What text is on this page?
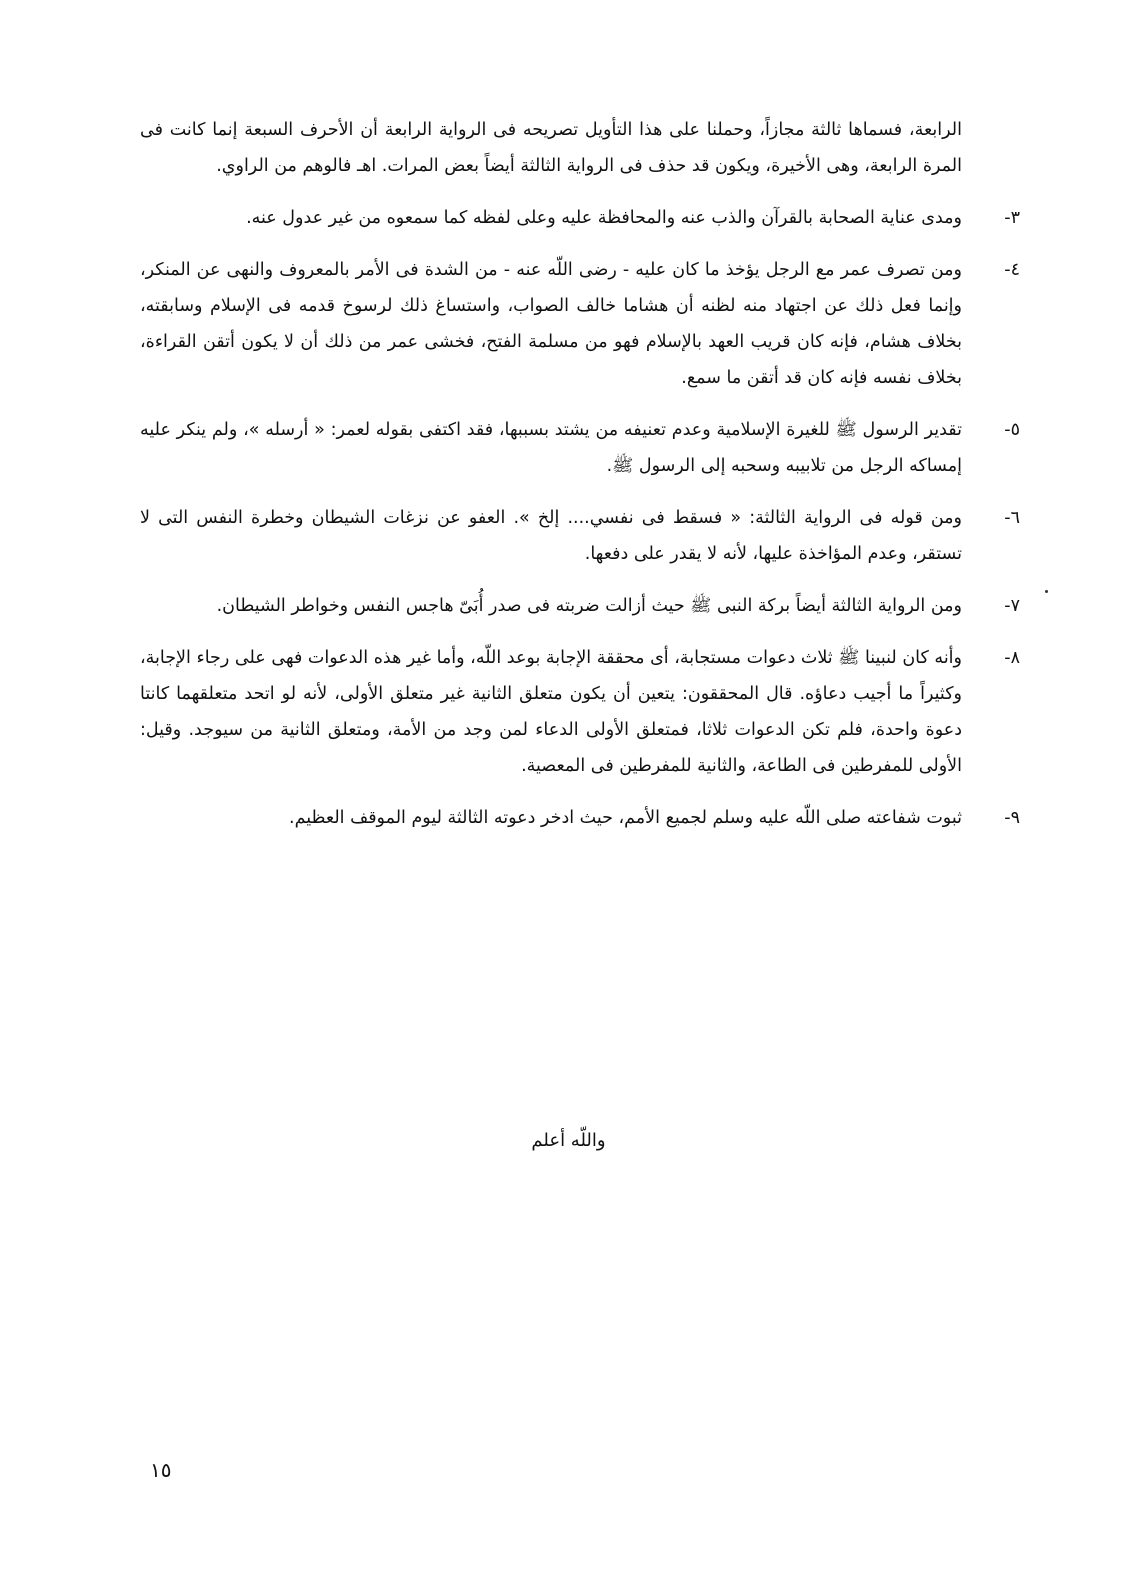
الرابعة، فسماها ثالثة مجازاً، وحملنا على هذا التأويل تصريحه فى الرواية الرابعة أن الأحرف السبعة إنما كانت فى المرة الرابعة، وهى الأخيرة، ويكون قد حذف فى الرواية الثالثة أيضاً بعض المرات. اهـ فالوهم من الراوي.

٣-
ومدى عناية الصحابة بالقرآن والذب عنه والمحافظة عليه وعلى لفظه كما سمعوه من غير عدول عنه.
٤-
ومن تصرف عمر مع الرجل يؤخذ ما كان عليه - رضى اللّه عنه - من الشدة فى الأمر بالمعروف والنهى عن المنكر، وإنما فعل ذلك عن اجتهاد منه لظنه أن هشاما خالف الصواب، واستساغ ذلك لرسوخ قدمه فى الإسلام وسابقته، بخلاف هشام، فإنه كان قريب العهد بالإسلام فهو من مسلمة الفتح، فخشى عمر من ذلك أن لا يكون أتقن القراءة، بخلاف نفسه فإنه كان قد أتقن ما سمع.
٥-
تقدير الرسول ﷺ للغيرة الإسلامية وعدم تعنيفه من يشتد بسببها، فقد اكتفى بقوله لعمر: « أرسله »، ولم ينكر عليه إمساكه الرجل من تلابيبه وسحبه إلى الرسول ﷺ.
٦-
ومن قوله فى الرواية الثالثة: « فسقط فى نفسي.... إلخ ». العفو عن نزغات الشيطان وخطرة النفس التى لا تستقر، وعدم المؤاخذة عليها، لأنه لا يقدر على دفعها.
٧-
ومن الرواية الثالثة أيضاً بركة النبى ﷺ حيث أزالت ضربته فى صدر أُبَىّ هاجس النفس وخواطر الشيطان.
٨-
وأنه كان لنبينا ﷺ ثلاث دعوات مستجابة، أى محققة الإجابة بوعد اللّه، وأما غير هذه الدعوات فهى على رجاء الإجابة، وكثيراً ما أجيب دعاؤه. قال المحققون: يتعين أن يكون متعلق الثانية غير متعلق الأولى، لأنه لو اتحد متعلقهما كانتا دعوة واحدة، فلم تكن الدعوات ثلاثا، فمتعلق الأولى الدعاء لمن وجد من الأمة، ومتعلق الثانية من سيوجد. وقيل: الأولى للمفرطين فى الطاعة، والثانية للمفرطين فى المعصية.
٩-
ثبوت شفاعته صلى اللّه عليه وسلم لجميع الأمم، حيث ادخر دعوته الثالثة ليوم الموقف العظيم.
واللّه أعلم
١٥
